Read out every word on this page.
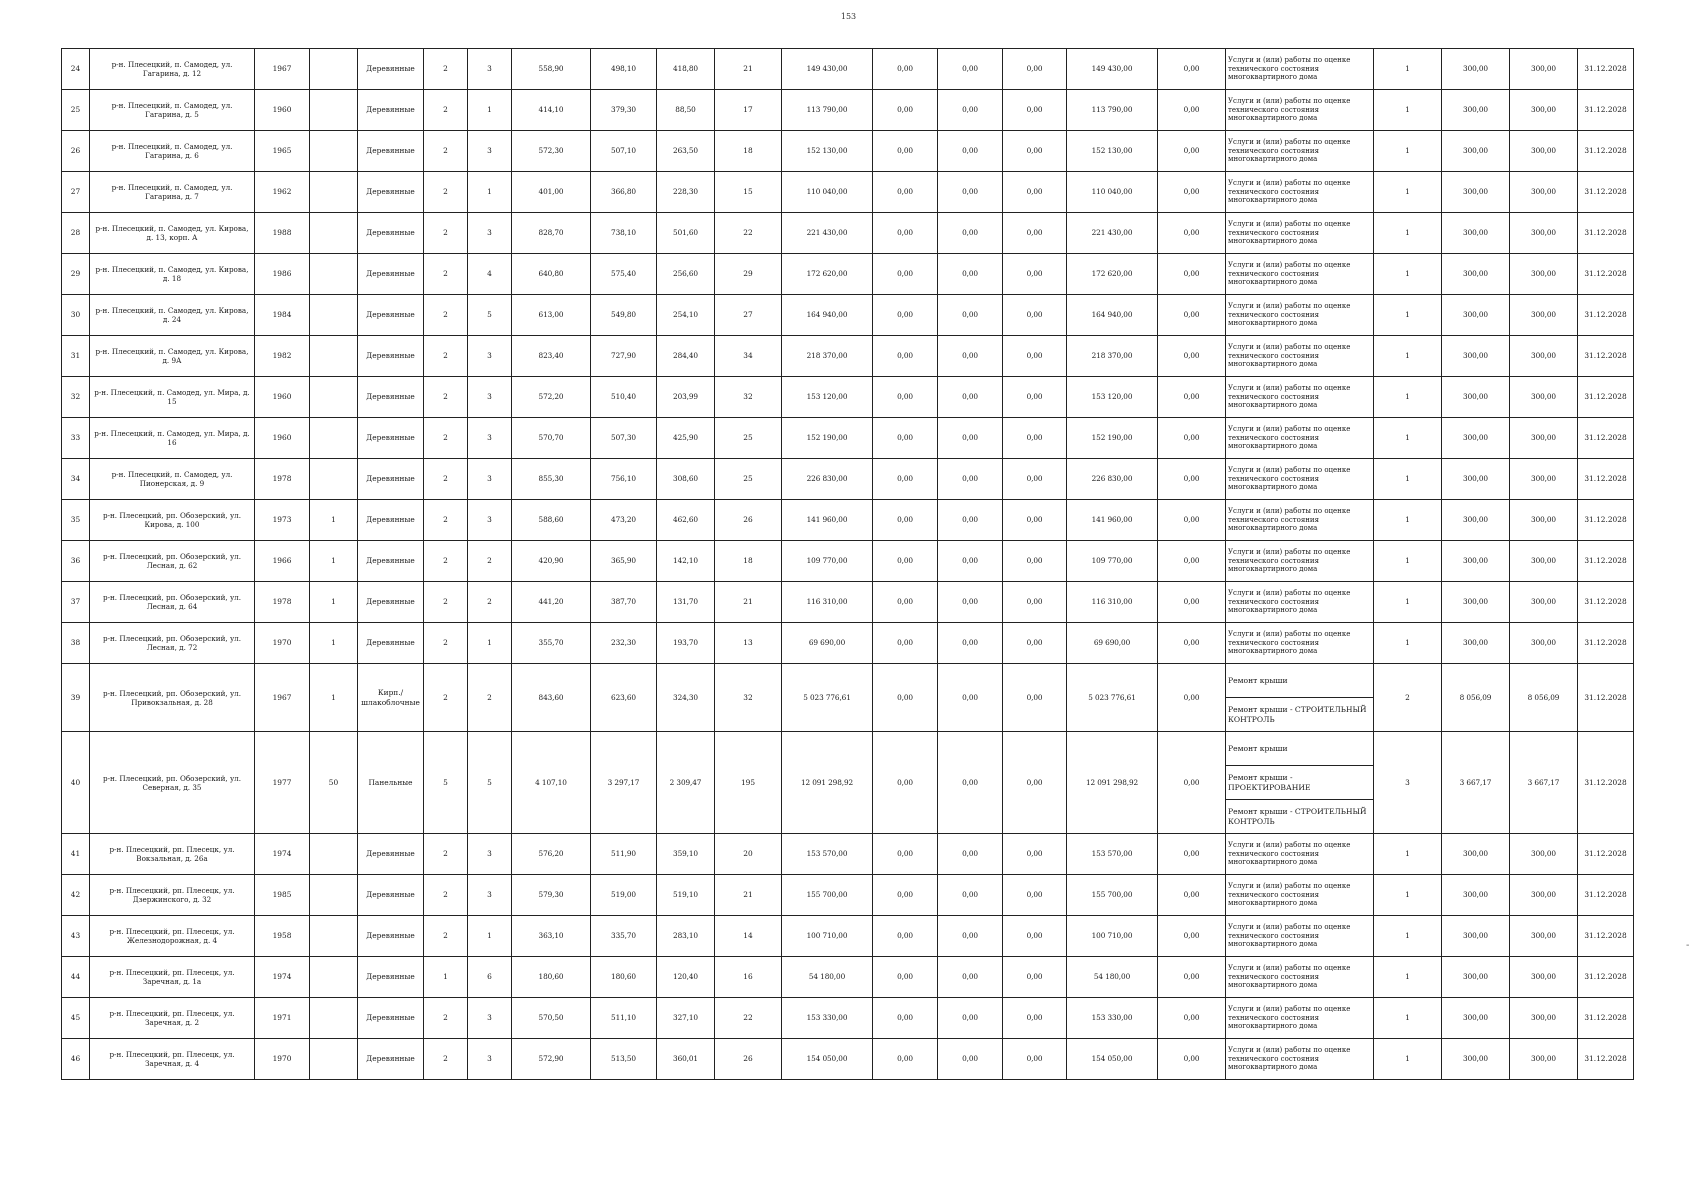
153
24	р-н. Плесецкий, п. Самодед, ул. Гагарина, д. 12	1967		Деревянные	2	3	558,90	498,10	418,80	21	149 430,00	0,00	0,00	0,00	149 430,00	0,00	Услуги и (или) работы по оценке технического состояния многоквартирного дома	1	300,00	300,00	31.12.2028
25	р-н. Плесецкий, п. Самодед, ул. Гагарина, д. 5	1960		Деревянные	2	1	414,10	379,30	88,50	17	113 790,00	0,00	0,00	0,00	113 790,00	0,00	Услуги и (или) работы по оценке технического состояния многоквартирного дома	1	300,00	300,00	31.12.2028
26	р-н. Плесецкий, п. Самодед, ул. Гагарина, д. 6	1965		Деревянные	2	3	572,30	507,10	263,50	18	152 130,00	0,00	0,00	0,00	152 130,00	0,00	Услуги и (или) работы по оценке технического состояния многоквартирного дома	1	300,00	300,00	31.12.2028
27	р-н. Плесецкий, п. Самодед, ул. Гагарина, д. 7	1962		Деревянные	2	1	401,00	366,80	228,30	15	110 040,00	0,00	0,00	0,00	110 040,00	0,00	Услуги и (или) работы по оценке технического состояния многоквартирного дома	1	300,00	300,00	31.12.2028
28	р-н. Плесецкий, п. Самодед, ул. Кирова, д. 13, корп. А	1988		Деревянные	2	3	828,70	738,10	501,60	22	221 430,00	0,00	0,00	0,00	221 430,00	0,00	Услуги и (или) работы по оценке технического состояния многоквартирного дома	1	300,00	300,00	31.12.2028
29	р-н. Плесецкий, п. Самодед, ул. Кирова, д. 18	1986		Деревянные	2	4	640,80	575,40	256,60	29	172 620,00	0,00	0,00	0,00	172 620,00	0,00	Услуги и (или) работы по оценке технического состояния многоквартирного дома	1	300,00	300,00	31.12.2028
30	р-н. Плесецкий, п. Самодед, ул. Кирова, д. 24	1984		Деревянные	2	5	613,00	549,80	254,10	27	164 940,00	0,00	0,00	0,00	164 940,00	0,00	Услуги и (или) работы по оценке технического состояния многоквартирного дома	1	300,00	300,00	31.12.2028
31	р-н. Плесецкий, п. Самодед, ул. Кирова, д. 9А	1982		Деревянные	2	3	823,40	727,90	284,40	34	218 370,00	0,00	0,00	0,00	218 370,00	0,00	Услуги и (или) работы по оценке технического состояния многоквартирного дома	1	300,00	300,00	31.12.2028
32	р-н. Плесецкий, п. Самодед, ул. Мира, д. 15	1960		Деревянные	2	3	572,20	510,40	203,99	32	153 120,00	0,00	0,00	0,00	153 120,00	0,00	Услуги и (или) работы по оценке технического состояния многоквартирного дома	1	300,00	300,00	31.12.2028
33	р-н. Плесецкий, п. Самодед, ул. Мира, д. 16	1960		Деревянные	2	3	570,70	507,30	425,90	25	152 190,00	0,00	0,00	0,00	152 190,00	0,00	Услуги и (или) работы по оценке технического состояния многоквартирного дома	1	300,00	300,00	31.12.2028
34	р-н. Плесецкий, п. Самодед, ул. Пионерская, д. 9	1978		Деревянные	2	3	855,30	756,10	308,60	25	226 830,00	0,00	0,00	0,00	226 830,00	0,00	Услуги и (или) работы по оценке технического состояния многоквартирного дома	1	300,00	300,00	31.12.2028
35	р-н. Плесецкий, рп. Обозерский, ул. Кирова, д. 100	1973	1	Деревянные	2	3	588,60	473,20	462,60	26	141 960,00	0,00	0,00	0,00	141 960,00	0,00	Услуги и (или) работы по оценке технического состояния многоквартирного дома	1	300,00	300,00	31.12.2028
36	р-н. Плесецкий, рп. Обозерский, ул. Лесная, д. 62	1966	1	Деревянные	2	2	420,90	365,90	142,10	18	109 770,00	0,00	0,00	0,00	109 770,00	0,00	Услуги и (или) работы по оценке технического состояния многоквартирного дома	1	300,00	300,00	31.12.2028
37	р-н. Плесецкий, рп. Обозерский, ул. Лесная, д. 64	1978	1	Деревянные	2	2	441,20	387,70	131,70	21	116 310,00	0,00	0,00	0,00	116 310,00	0,00	Услуги и (или) работы по оценке технического состояния многоквартирного дома	1	300,00	300,00	31.12.2028
38	р-н. Плесецкий, рп. Обозерский, ул. Лесная, д. 72	1970	1	Деревянные	2	1	355,70	232,30	193,70	13	69 690,00	0,00	0,00	0,00	69 690,00	0,00	Услуги и (или) работы по оценке технического состояния многоквартирного дома	1	300,00	300,00	31.12.2028
39	р-н. Плесецкий, рп. Обозерский, ул. Привокзальная, д. 28	1967	1	Кирп./шлакоблочные	2	2	843,60	623,60	324,30	32	5 023 776,61	0,00	0,00	0,00	5 023 776,61	0,00	Ремонт крыши	2	8 056,09	8 056,09	31.12.2028
																	Ремонт крыши - СТРОИТЕЛЬНЫЙ КОНТРОЛЬ				
40	р-н. Плесецкий, рп. Обозерский, ул. Северная, д. 35	1977	50	Панельные	5	5	4 107,10	3 297,17	2 309,47	195	12 091 298,92	0,00	0,00	0,00	12 091 298,92	0,00	Ремонт крыши	3	3 667,17	3 667,17	31.12.2028
																	Ремонт крыши - ПРОЕКТИРОВАНИЕ				
																	Ремонт крыши - СТРОИТЕЛЬНЫЙ КОНТРОЛЬ				
41	р-н. Плесецкий, рп. Плесецк, ул. Вокзальная, д. 26а	1974		Деревянные	2	3	576,20	511,90	359,10	20	153 570,00	0,00	0,00	0,00	153 570,00	0,00	Услуги и (или) работы по оценке технического состояния многоквартирного дома	1	300,00	300,00	31.12.2028
42	р-н. Плесецкий, рп. Плесецк, ул. Дзержинского, д. 32	1985		Деревянные	2	3	579,30	519,00	519,10	21	155 700,00	0,00	0,00	0,00	155 700,00	0,00	Услуги и (или) работы по оценке технического состояния многоквартирного дома	1	300,00	300,00	31.12.2028
43	р-н. Плесецкий, рп. Плесецк, ул. Железнодорожная, д. 4	1958		Деревянные	2	1	363,10	335,70	283,10	14	100 710,00	0,00	0,00	0,00	100 710,00	0,00	Услуги и (или) работы по оценке технического состояния многоквартирного дома	1	300,00	300,00	31.12.2028
44	р-н. Плесецкий, рп. Плесецк, ул. Заречная, д. 1а	1974		Деревянные	1	6	180,60	180,60	120,40	16	54 180,00	0,00	0,00	0,00	54 180,00	0,00	Услуги и (или) работы по оценке технического состояния многоквартирного дома	1	300,00	300,00	31.12.2028
45	р-н. Плесецкий, рп. Плесецк, ул. Заречная, д. 2	1971		Деревянные	2	3	570,50	511,10	327,10	22	153 330,00	0,00	0,00	0,00	153 330,00	0,00	Услуги и (или) работы по оценке технического состояния многоквартирного дома	1	300,00	300,00	31.12.2028
46	р-н. Плесецкий, рп. Плесецк, ул. Заречная, д. 4	1970		Деревянные	2	3	572,90	513,50	360,01	26	154 050,00	0,00	0,00	0,00	154 050,00	0,00	Услуги и (или) работы по оценке технического состояния многоквартирного дома	1	300,00	300,00	31.12.2028
-
